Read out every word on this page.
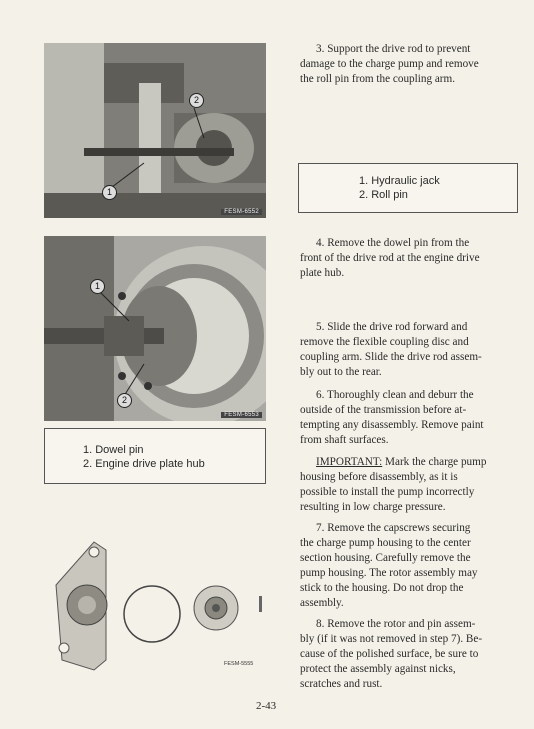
2
1
FESM-6552
1
2
FESM-6553
1. Dowel pin
2. Engine drive plate hub
FESM-5555
3. Support the drive rod to prevent
damage to the charge pump and remove
the roll pin from the coupling arm.
1. Hydraulic jack
2. Roll pin
4. Remove the dowel pin from the
front of the drive rod at the engine drive
plate hub.
5. Slide the drive rod forward and
remove the flexible coupling disc and
coupling arm. Slide the drive rod assem-
bly out to the rear.
6. Thoroughly clean and deburr the
outside of the transmission before at-
tempting any disassembly. Remove paint
from shaft surfaces.
IMPORTANT: Mark the charge pump
housing before disassembly, as it is
possible to install the pump incorrectly
resulting in low charge pressure.
7. Remove the capscrews securing
the charge pump housing to the center
section housing. Carefully remove the
pump housing. The rotor assembly may
stick to the housing. Do not drop the
assembly.
8. Remove the rotor and pin assem-
bly (if it was not removed in step 7). Be-
cause of the polished surface, be sure to
protect the assembly against nicks,
scratches and rust.
2-43
